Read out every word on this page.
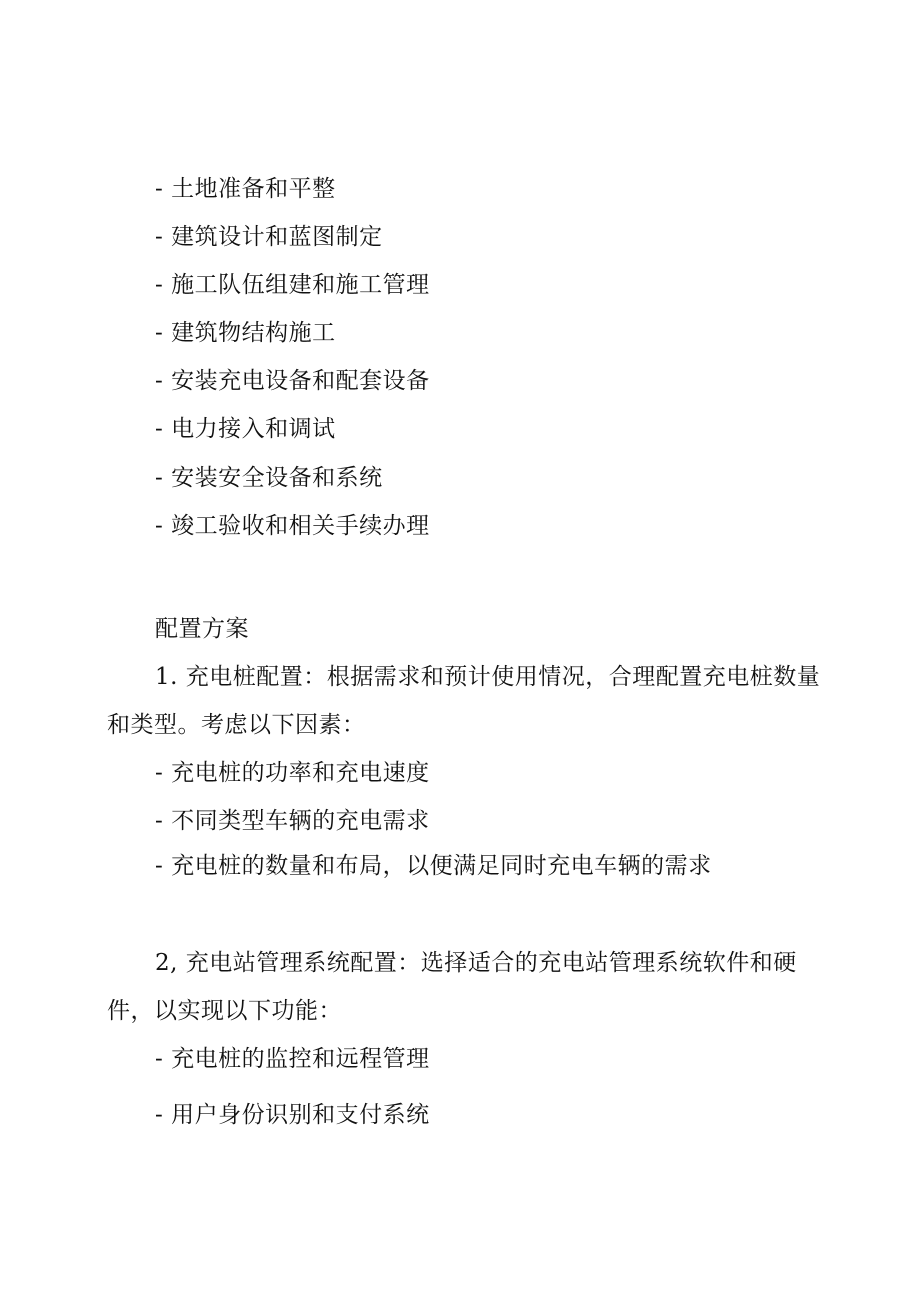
- 土地准备和平整
- 建筑设计和蓝图制定
- 施工队伍组建和施工管理
- 建筑物结构施工
- 安装充电设备和配套设备
- 电力接入和调试
- 安装安全设备和系统
- 竣工验收和相关手续办理
配置方案
1. 充电桩配置：根据需求和预计使用情况，合理配置充电桩数量
和类型。考虑以下因素：
- 充电桩的功率和充电速度
- 不同类型车辆的充电需求
- 充电桩的数量和布局，以便满足同时充电车辆的需求
2, 充电站管理系统配置：选择适合的充电站管理系统软件和硬
件，以实现以下功能：
- 充电桩的监控和远程管理
- 用户身份识别和支付系统
